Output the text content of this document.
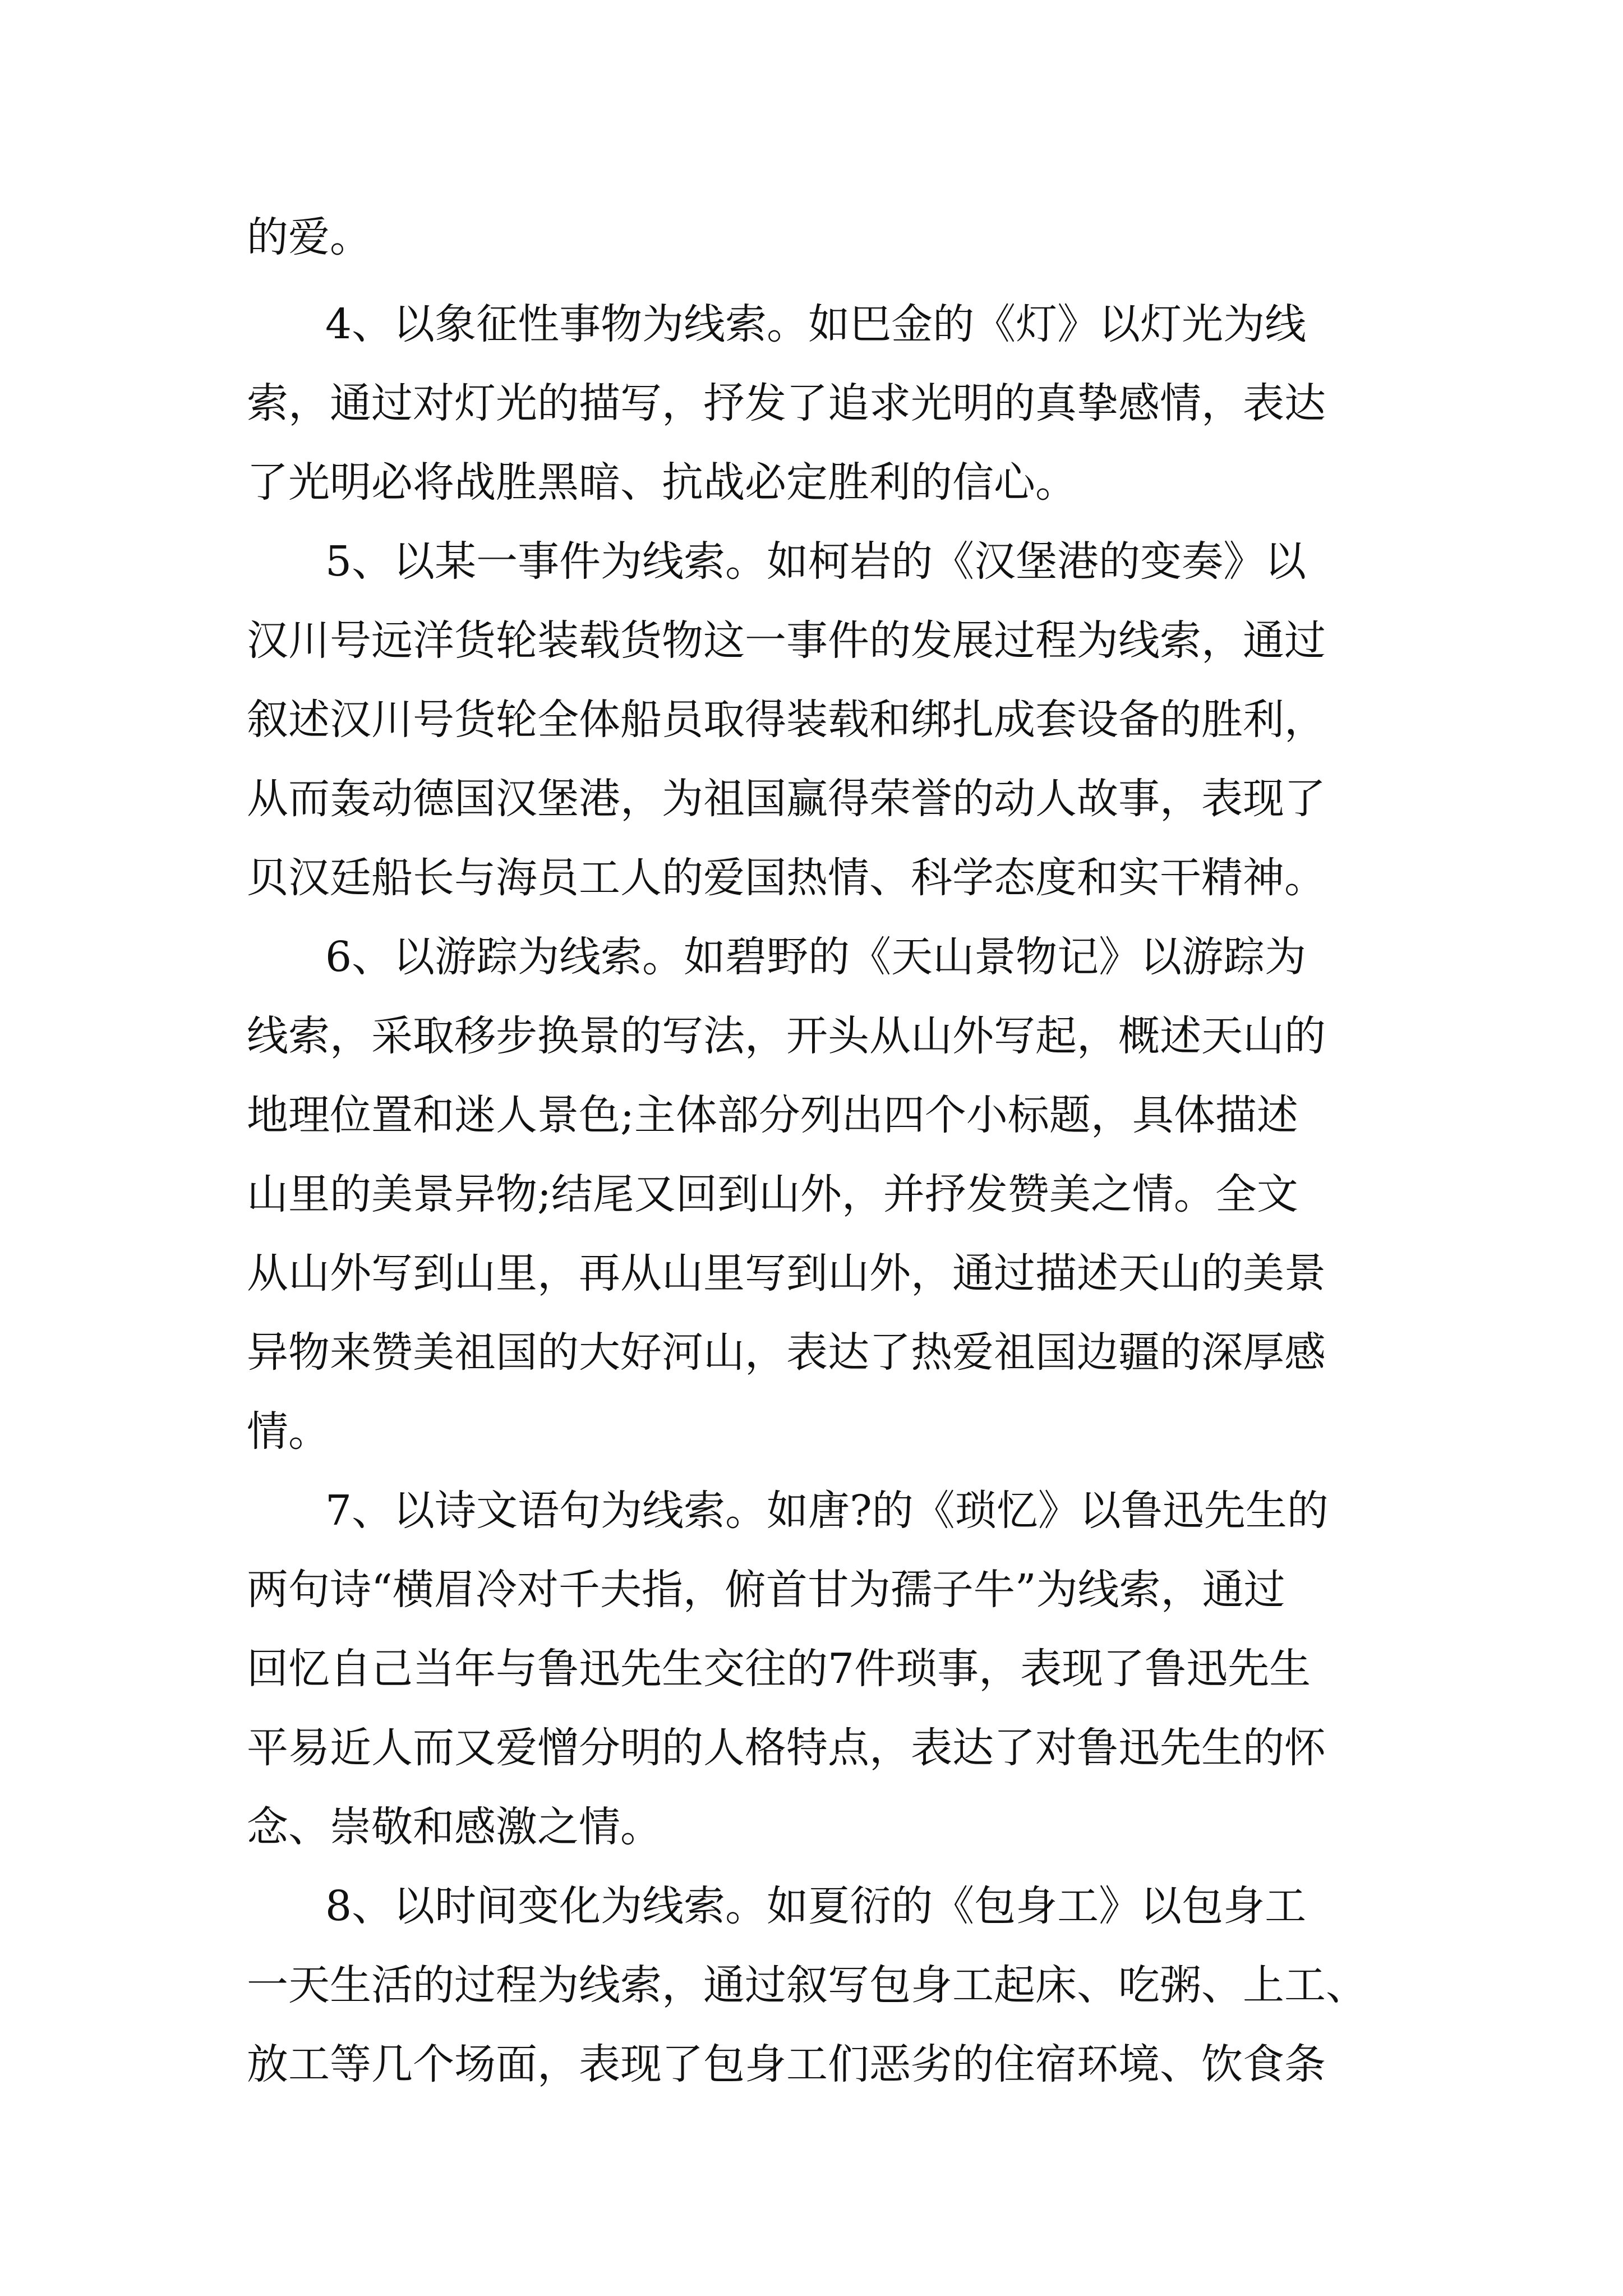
的爱。
4、以象征性事物为线索。如巴金的《灯》以灯光为线
索，通过对灯光的描写，抒发了追求光明的真挚感情，表达
了光明必将战胜黑暗、抗战必定胜利的信心。
5、以某一事件为线索。如柯岩的《汉堡港的变奏》以
汉川号远洋货轮装载货物这一事件的发展过程为线索，通过
叙述汉川号货轮全体船员取得装载和绑扎成套设备的胜利，
从而轰动德国汉堡港，为祖国赢得荣誉的动人故事，表现了
贝汉廷船长与海员工人的爱国热情、科学态度和实干精神。
6、以游踪为线索。如碧野的《天山景物记》以游踪为
线索，采取移步换景的写法，开头从山外写起，概述天山的
地理位置和迷人景色;主体部分列出四个小标题，具体描述
山里的美景异物;结尾又回到山外，并抒发赞美之情。全文
从山外写到山里，再从山里写到山外，通过描述天山的美景
异物来赞美祖国的大好河山，表达了热爱祖国边疆的深厚感
情。
7、以诗文语句为线索。如唐?的《琐忆》以鲁迅先生的
两句诗“横眉冷对千夫指，俯首甘为孺子牛”为线索，通过
回忆自己当年与鲁迅先生交往的7件琐事，表现了鲁迅先生
平易近人而又爱憎分明的人格特点，表达了对鲁迅先生的怀
念、崇敬和感激之情。
8、以时间变化为线索。如夏衍的《包身工》以包身工
一天生活的过程为线索，通过叙写包身工起床、吃粥、上工、
放工等几个场面，表现了包身工们恶劣的住宿环境、饮食条
